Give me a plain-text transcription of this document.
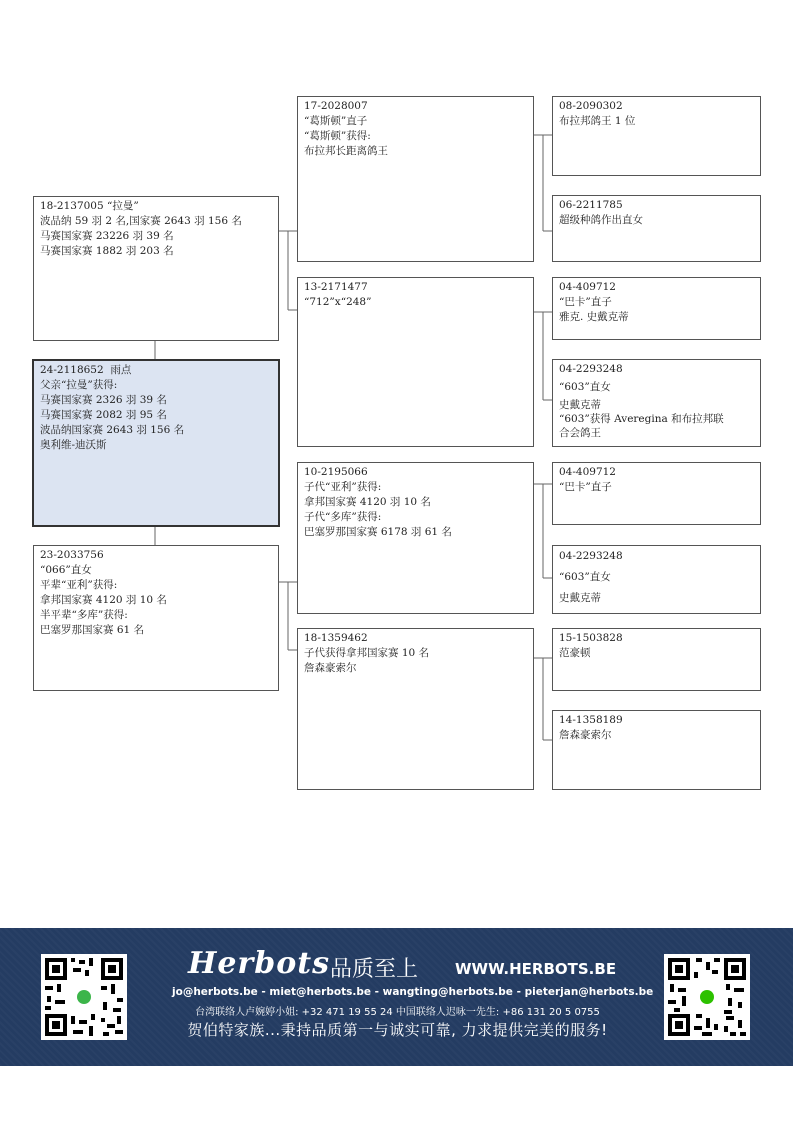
18-2137005 “拉曼”
波品纳 59 羽 2 名,国家赛 2643 羽 156 名
马赛国家赛 23226 羽 39 名
马赛国家赛 1882 羽 203 名
24-2118652  雨点
父亲“拉曼”获得:
马赛国家赛 2326 羽 39 名
马赛国家赛 2082 羽 95 名
波品纳国家赛 2643 羽 156 名
奥利维-迪沃斯
23-2033756
“066”直女
平辈“亚利”获得:
拿邦国家赛 4120 羽 10 名
半平辈“多库”获得:
巴塞罗那国家赛 61 名
17-2028007
“葛斯顿”直子
“葛斯顿”获得:
布拉邦长距离鸽王
13-2171477
“712”x“248”
10-2195066
子代“亚利”获得:
拿邦国家赛 4120 羽 10 名
子代“多库”获得:
巴塞罗那国家赛 6178 羽 61 名
18-1359462
子代获得拿邦国家赛 10 名
詹森豪索尔
08-2090302
布拉邦鸽王 1 位
06-2211785
超级种鸽作出直女
04-409712
“巴卡”直子
雅克. 史戴克蒂
04-2293248
“603”直女
史戴克蒂
“603”获得 Averegina 和布拉邦联
合会鸽王
04-409712
“巴卡”直子
04-2293248
“603”直女
史戴克蒂
15-1503828
范豪顿
14-1358189
詹森豪索尔
Herbots 品质至上 WWW.HERBOTS.BE
jo@herbots.be - miet@herbots.be - wangting@herbots.be - pieterjan@herbots.be
台湾联络人卢婉婷小姐: +32 471 19 55 24 中国联络人迟咏一先生: +86 131 20 5 0755
贺伯特家族...秉持品质第一与诚实可靠, 力求提供完美的服务!
